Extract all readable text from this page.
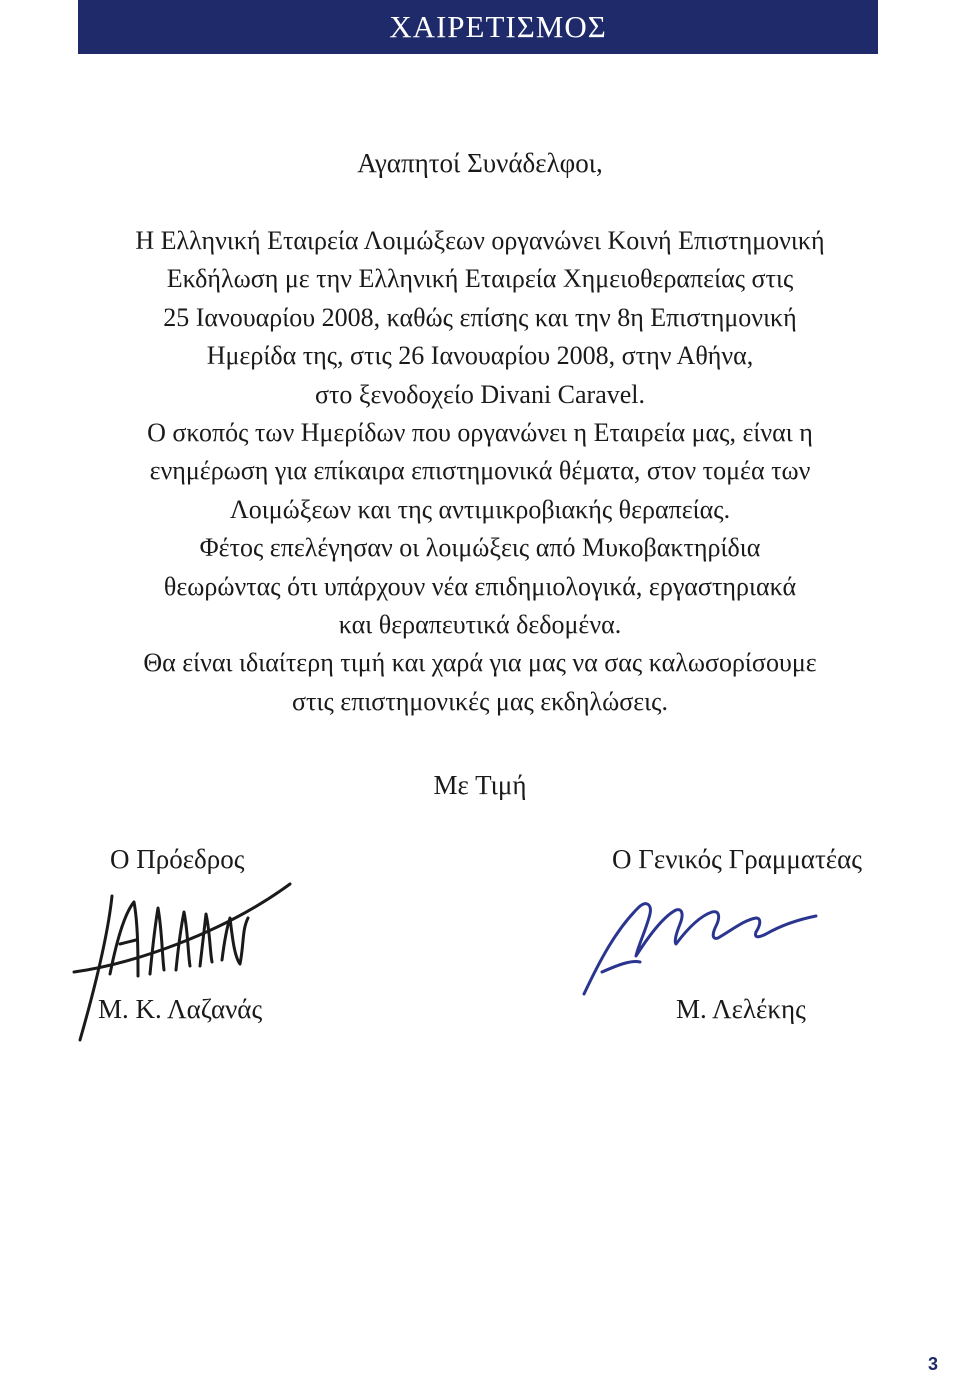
ΧΑΙΡΕΤΙΣΜΟΣ
Αγαπητοί Συνάδελφοι,
Η Ελληνική Εταιρεία Λοιμώξεων οργανώνει Κοινή Επιστημονική
Εκδήλωση με την Ελληνική Εταιρεία Χημειοθεραπείας στις
25 Ιανουαρίου 2008, καθώς επίσης και την 8η Επιστημονική
Ημερίδα της, στις 26 Ιανουαρίου 2008, στην Αθήνα,
στο ξενοδοχείο Divani Caravel.
Ο σκοπός των Ημερίδων που οργανώνει η Εταιρεία μας, είναι η
ενημέρωση για επίκαιρα επιστημονικά θέματα, στον τομέα των
Λοιμώξεων και της αντιμικροβιακής θεραπείας.
Φέτος επελέγησαν οι λοιμώξεις από Μυκοβακτηρίδια
θεωρώντας ότι υπάρχουν νέα επιδημιολογικά, εργαστηριακά
και θεραπευτικά δεδομένα.
Θα είναι ιδιαίτερη τιμή και χαρά για μας να σας καλωσορίσουμε
στις επιστημονικές μας εκδηλώσεις.
Με Τιμή
Ο Πρόεδρος	Ο Γενικός Γραμματέας
Μ. Κ. Λαζανάς	Μ. Λελέκης
3
